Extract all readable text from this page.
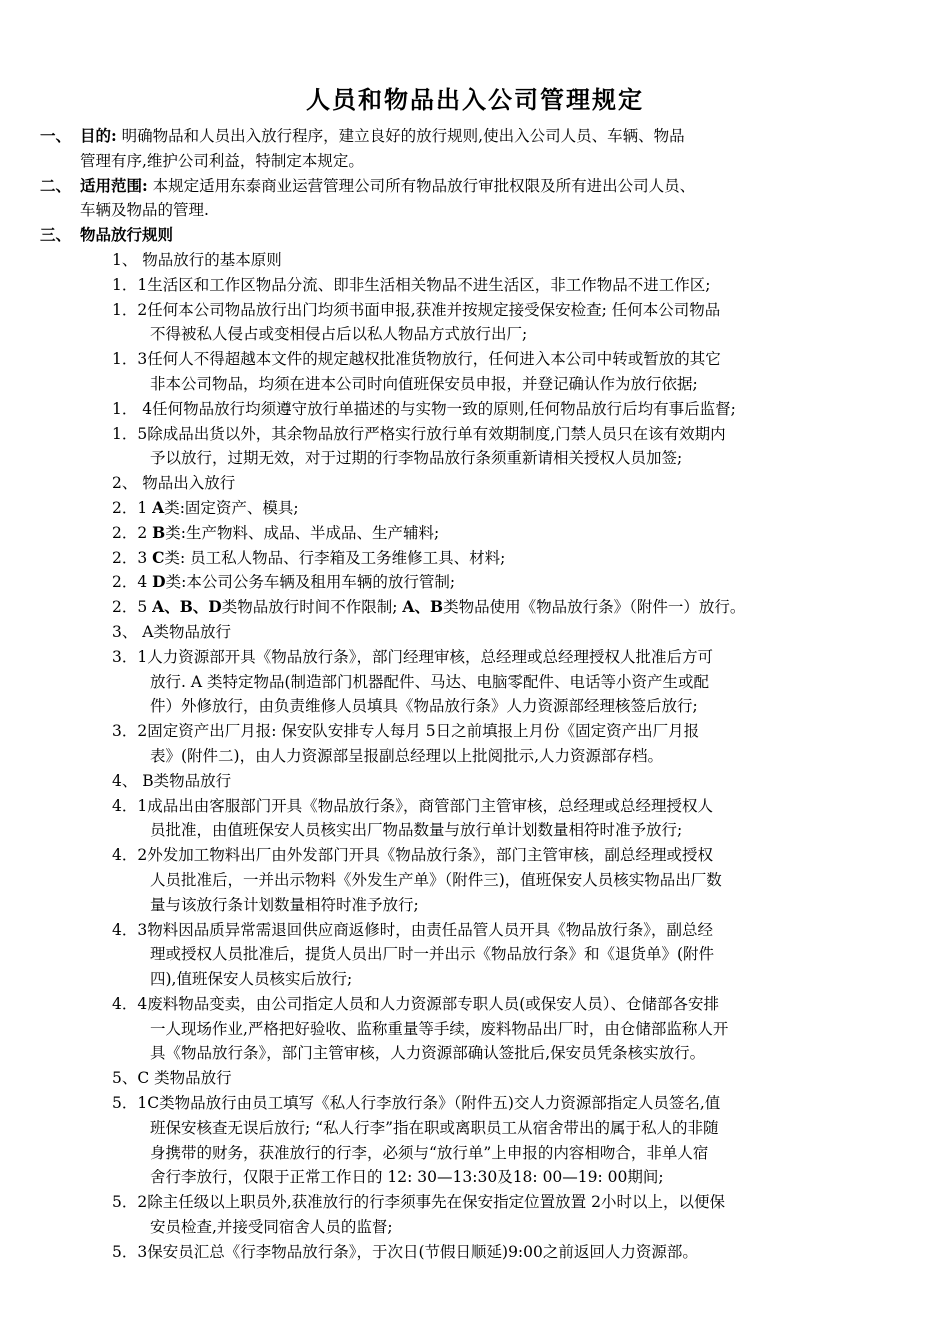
人员和物品出入公司管理规定
一、 目的: 明确物品和人员出入放行程序，建立良好的放行规则,使出入公司人员、车辆、物品
管理有序,维护公司利益，特制定本规定。
二、 适用范围: 本规定适用东泰商业运营管理公司所有物品放行审批权限及所有进出公司人员、
车辆及物品的管理.
三、 物品放行规则
1、 物品放行的基本原则
1．1生活区和工作区物品分流、即非生活相关物品不进生活区，非工作物品不进工作区;
1．2任何本公司物品放行出门均须书面申报,获准并按规定接受保安检查; 任何本公司物品
不得被私人侵占或变相侵占后以私人物品方式放行出厂;
1．3任何人不得超越本文件的规定越权批准货物放行，任何进入本公司中转或暂放的其它
非本公司物品，均须在进本公司时向值班保安员申报，并登记确认作为放行依据;
1． 4任何物品放行均须遵守放行单描述的与实物一致的原则,任何物品放行后均有事后监督;
1．5除成品出货以外，其余物品放行严格实行放行单有效期制度,门禁人员只在该有效期内
予以放行，过期无效，对于过期的行李物品放行条须重新请相关授权人员加签;
2、 物品出入放行
2．1 A类:固定资产、模具;
2．2 B类:生产物料、成品、半成品、生产辅料;
2．3 C类: 员工私人物品、行李箱及工务维修工具、材料;
2．4 D类:本公司公务车辆及租用车辆的放行管制;
2．5 A、B、D类物品放行时间不作限制; A、B类物品使用《物品放行条》（附件一）放行。
3、 A类物品放行
3．1人力资源部开具《物品放行条》，部门经理审核，总经理或总经理授权人批准后方可
放行. A 类特定物品(制造部门机器配件、马达、电脑零配件、电话等小资产生或配
件）外修放行，由负责维修人员填具《物品放行条》人力资源部经理核签后放行;
3．2固定资产出厂月报: 保安队安排专人每月 5日之前填报上月份《固定资产出厂月报
表》(附件二)，由人力资源部呈报副总经理以上批阅批示,人力资源部存档。
4、 B类物品放行
4．1成品出由客服部门开具《物品放行条》，商管部门主管审核，总经理或总经理授权人
员批准，由值班保安人员核实出厂物品数量与放行单计划数量相符时准予放行;
4．2外发加工物料出厂由外发部门开具《物品放行条》，部门主管审核，副总经理或授权
人员批准后，一并出示物料《外发生产单》（附件三)，值班保安人员核实物品出厂数
量与该放行条计划数量相符时准予放行;
4．3物料因品质异常需退回供应商返修时，由责任品管人员开具《物品放行条》，副总经
理或授权人员批准后，提货人员出厂时一并出示《物品放行条》和《退货单》(附件
四),值班保安人员核实后放行;
4．4废料物品变卖，由公司指定人员和人力资源部专职人员(或保安人员）、仓储部各安排
一人现场作业,严格把好验收、监称重量等手续，废料物品出厂时，由仓储部监称人开
具《物品放行条》，部门主管审核，人力资源部确认签批后,保安员凭条核实放行。
5、C 类物品放行
5．1C类物品放行由员工填写《私人行李放行条》（附件五)交人力资源部指定人员签名,值
班保安核查无误后放行; “私人行李”指在职或离职员工从宿舍带出的属于私人的非随
身携带的财务，获准放行的行李，必须与“放行单”上申报的内容相吻合，非单人宿
舍行李放行，仅限于正常工作日的 12: 30—13:30及18: 00—19: 00期间;
5．2除主任级以上职员外,获准放行的行李须事先在保安指定位置放置 2小时以上，以便保
安员检查,并接受同宿舍人员的监督;
5．3保安员汇总《行李物品放行条》，于次日(节假日顺延)9:00之前返回人力资源部。
